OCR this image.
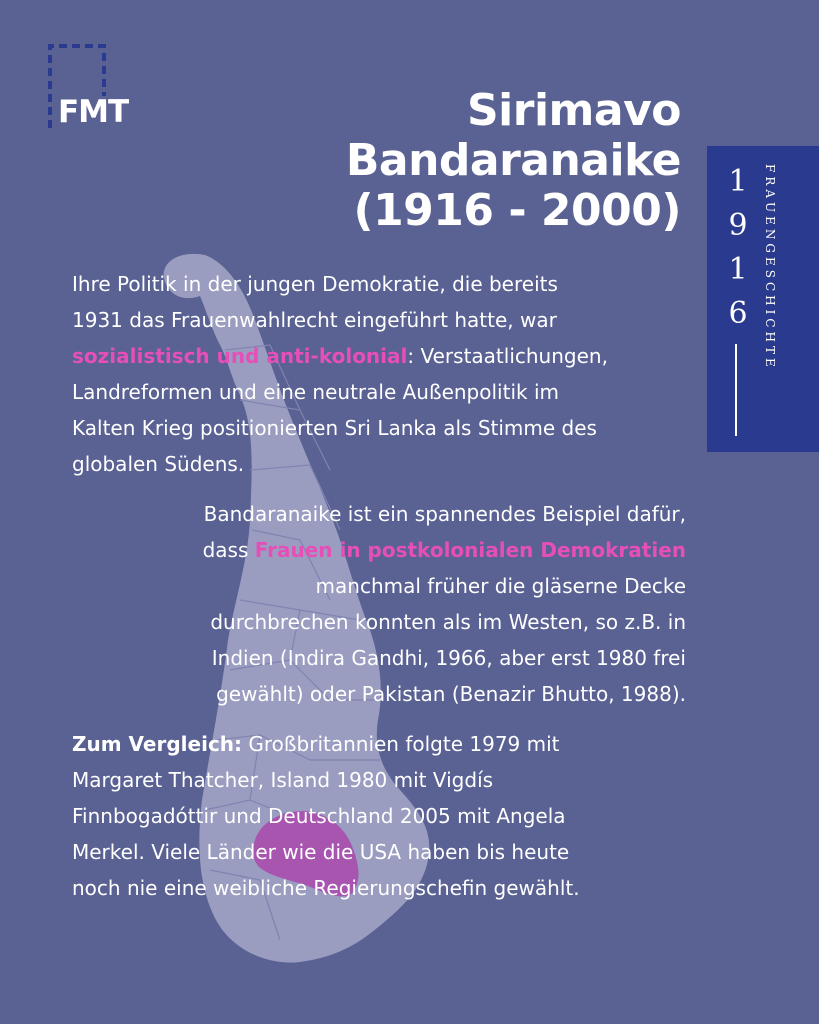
FMT	Sirimavo
Bandaranaike
(1916 - 2000)
1
9
1
6	FRAUENGESCHICHTE
Ihre Politik in der jungen Demokratie, die bereits
1931 das Frauenwahlrecht eingeführt hatte, war
sozialistisch und anti-kolonial: Verstaatlichungen,
Landreformen und eine neutrale Außenpolitik im
Kalten Krieg positionierten Sri Lanka als Stimme des
globalen Südens.
Bandaranaike ist ein spannendes Beispiel dafür,
dass Frauen in postkolonialen Demokratien
manchmal früher die gläserne Decke
durchbrechen konnten als im Westen, so z.B. in
Indien (Indira Gandhi, 1966, aber erst 1980 frei
gewählt) oder Pakistan (Benazir Bhutto, 1988).
Zum Vergleich: Großbritannien folgte 1979 mit
Margaret Thatcher, Island 1980 mit Vigdís
Finnbogadóttir und Deutschland 2005 mit Angela
Merkel. Viele Länder wie die USA haben bis heute
noch nie eine weibliche Regierungschefin gewählt.
